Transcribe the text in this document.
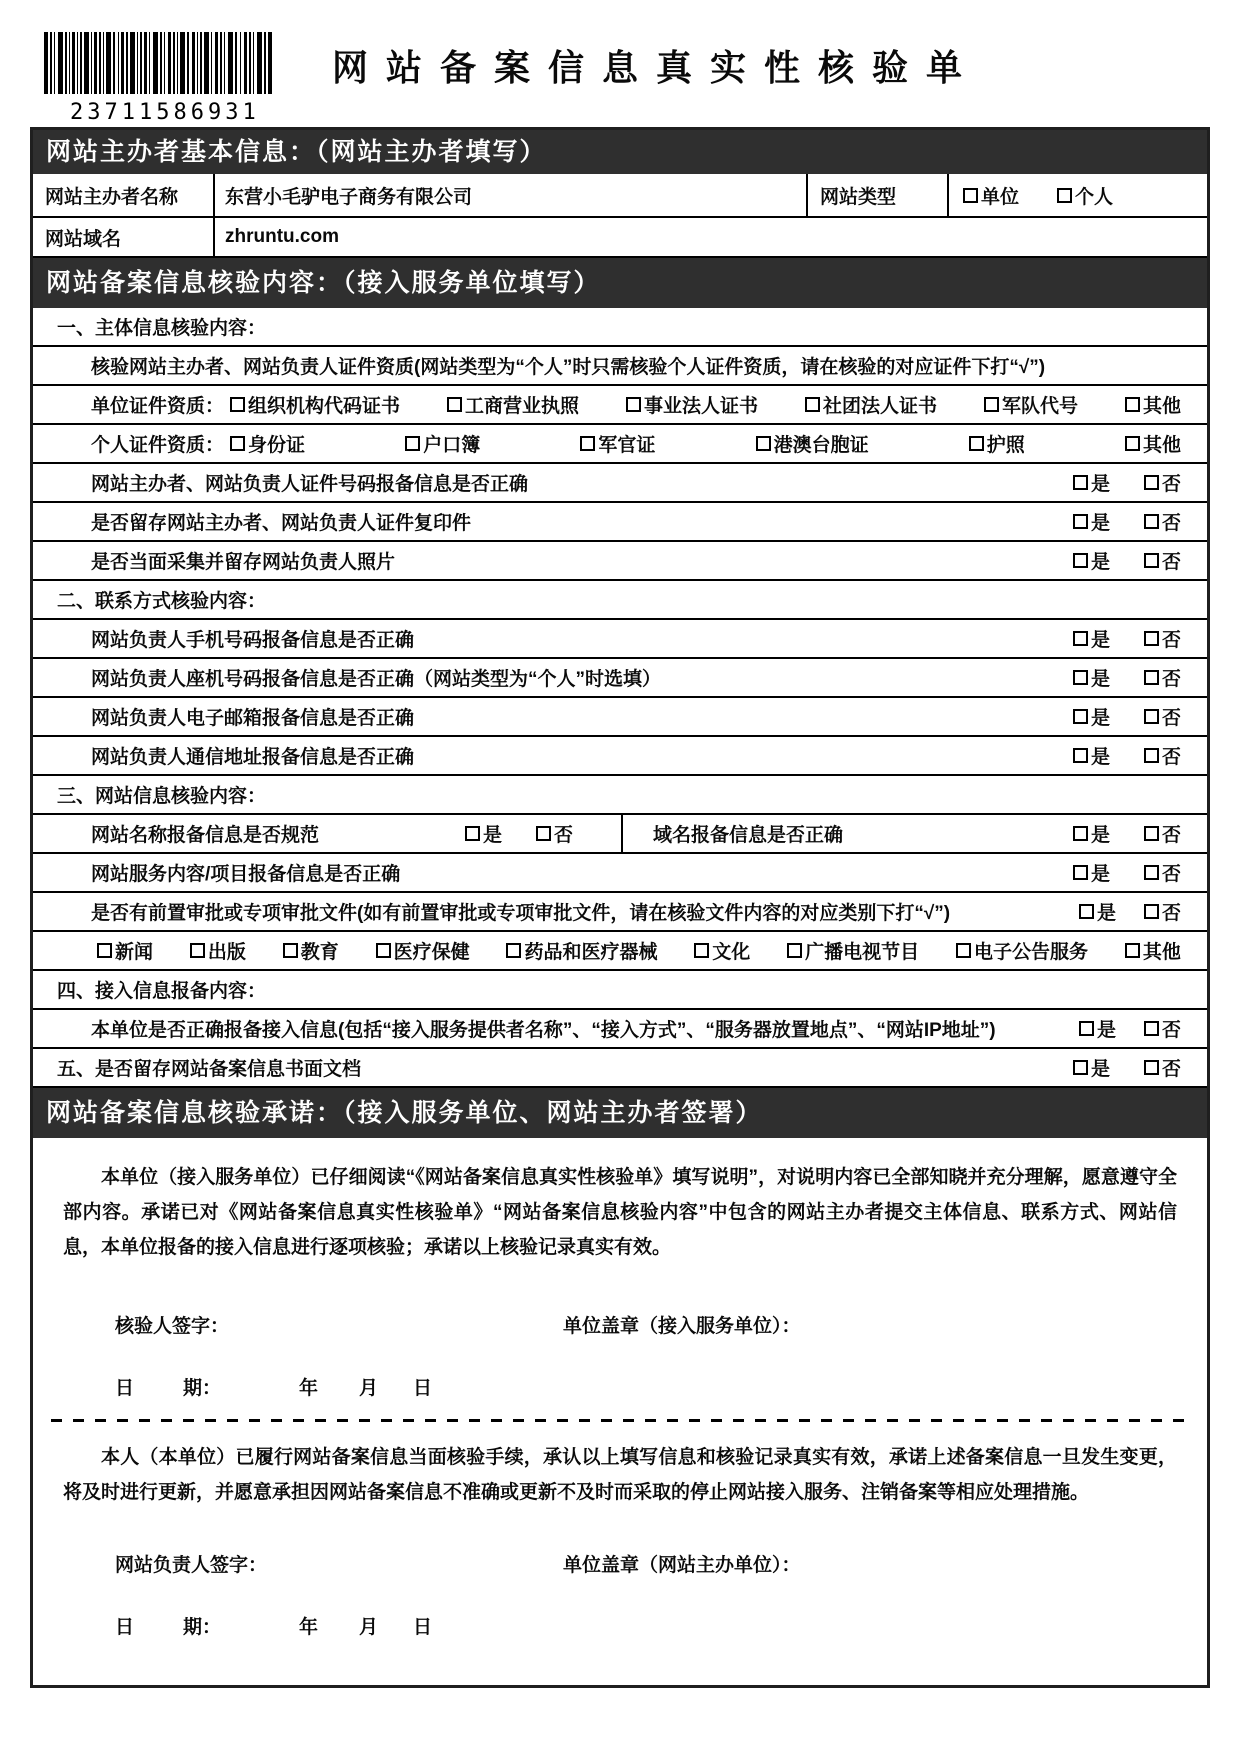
23711586931
网 站 备 案 信 息 真 实 性 核 验 单
网站主办者基本信息：（网站主办者填写）
网站主办者名称	东营小毛驴电子商务有限公司	网站类型	单位	个人
网站域名	zhruntu.com
网站备案信息核验内容：（接入服务单位填写）
一、主体信息核验内容：
核验网站主办者、网站负责人证件资质(网站类型为“个人”时只需核验个人证件资质，请在核验的对应证件下打“√”)
单位证件资质： 组织机构代码证书	工商营业执照	事业法人证书	社团法人证书	军队代号	其他
个人证件资质： 身份证	户口簿	军官证	港澳台胞证	护照	其他
网站主办者、网站负责人证件号码报备信息是否正确	是	否
是否留存网站主办者、网站负责人证件复印件	是	否
是否当面采集并留存网站负责人照片	是	否
二、联系方式核验内容：
网站负责人手机号码报备信息是否正确	是	否
网站负责人座机号码报备信息是否正确（网站类型为“个人”时选填）	是	否
网站负责人电子邮箱报备信息是否正确	是	否
网站负责人通信地址报备信息是否正确	是	否
三、网站信息核验内容：
网站名称报备信息是否规范	是	否	域名报备信息是否正确	是	否
网站服务内容/项目报备信息是否正确	是	否
是否有前置审批或专项审批文件(如有前置审批或专项审批文件，请在核验文件内容的对应类别下打“√”)	是 否
新闻	出版	教育	医疗保健	药品和医疗器械	文化	广播电视节目	电子公告服务	其他
四、接入信息报备内容：
本单位是否正确报备接入信息(包括“接入服务提供者名称”、“接入方式”、“服务器放置地点”、“网站IP地址”)	是 否
五、是否留存网站备案信息书面文档	是	否
网站备案信息核验承诺：（接入服务单位、网站主办者签署）

本单位（接入服务单位）已仔细阅读“《网站备案信息真实性核验单》填写说明”，对说明内容已全部知晓并充分理解，愿意遵守全部内容。承诺已对《网站备案信息真实性核验单》“网站备案信息核验内容”中包含的网站主办者提交主体信息、联系方式、网站信息，本单位报备的接入信息进行逐项核验；承诺以上核验记录真实有效。

核验人签字：	单位盖章（接入服务单位）：
日	期：	年 月 日

本人（本单位）已履行网站备案信息当面核验手续，承认以上填写信息和核验记录真实有效，承诺上述备案信息一旦发生变更，将及时进行更新，并愿意承担因网站备案信息不准确或更新不及时而采取的停止网站接入服务、注销备案等相应处理措施。

网站负责人签字：	单位盖章（网站主办单位）：
日	期：	年 月 日
